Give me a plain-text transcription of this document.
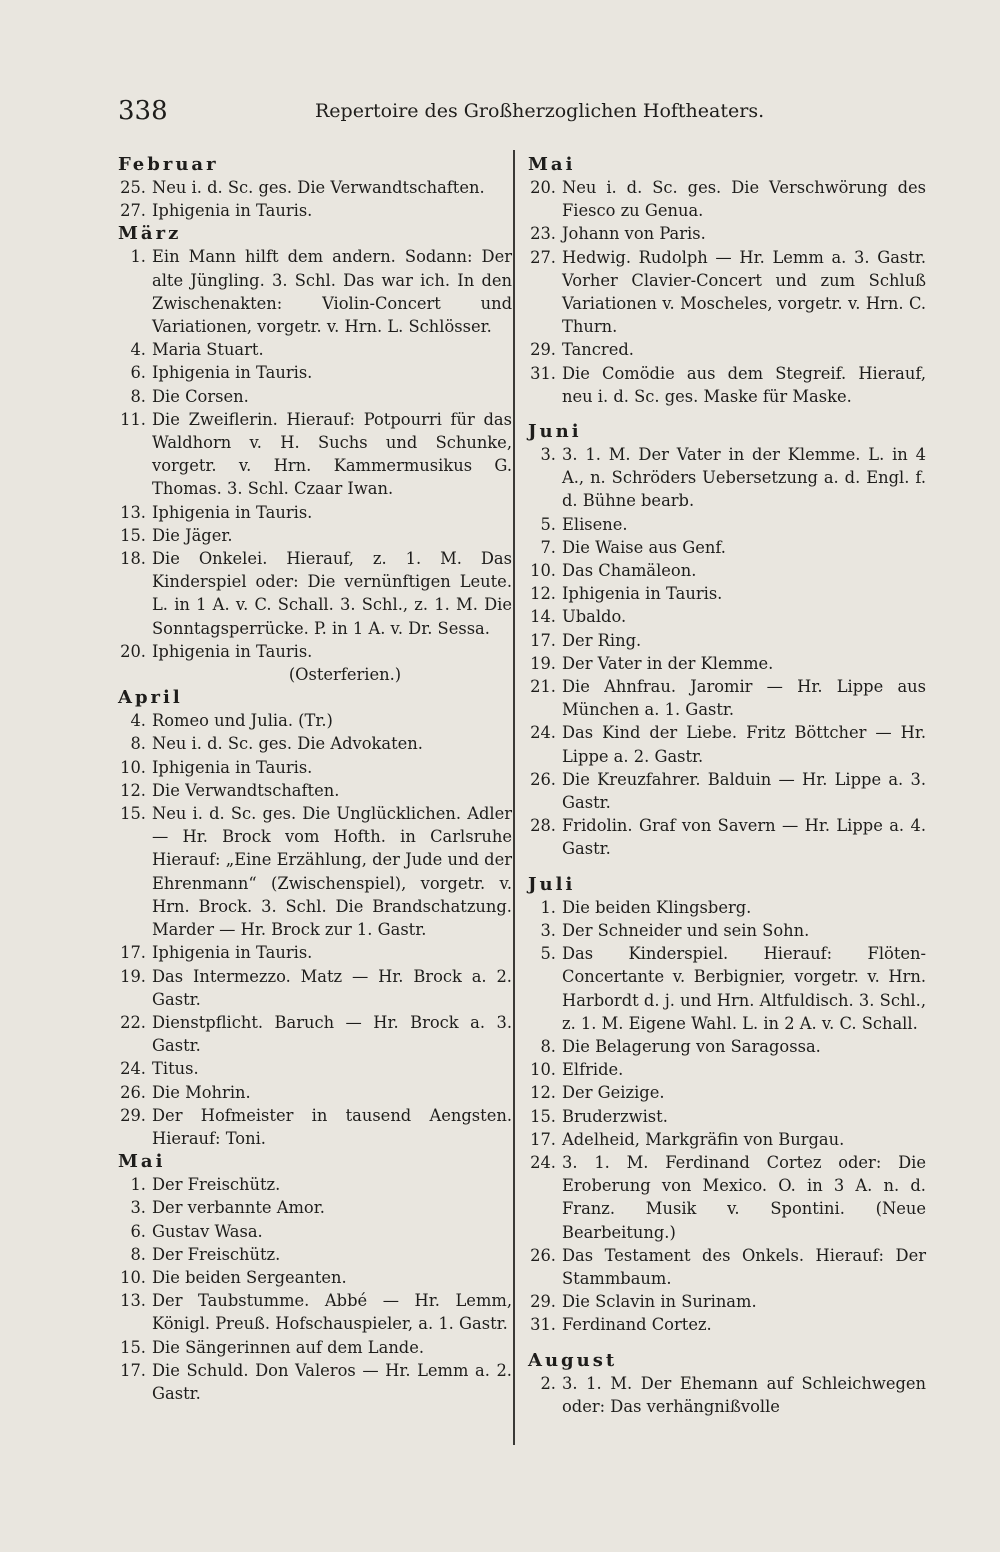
338	Repertoire des Großherzoglichen Hoftheaters.
Februar
25. Neu i. d. Sc. ges. Die Verwandtschaften.
27. Iphigenia in Tauris.
März
1. Ein Mann hilft dem andern. Sodann: Der alte Jüngling. 3. Schl. Das war ich. In den Zwischenakten: Violin-Concert und Variationen, vorgetr. v. Hrn. L. Schlösser.
4. Maria Stuart.
6. Iphigenia in Tauris.
8. Die Corsen.
11. Die Zweiflerin. Hierauf: Potpourri für das Waldhorn v. H. Suchs und Schunke, vorgetr. v. Hrn. Kammermusikus G. Thomas. 3. Schl. Czaar Iwan.
13. Iphigenia in Tauris.
15. Die Jäger.
18. Die Onkelei. Hierauf, z. 1. M. Das Kinderspiel oder: Die vernünftigen Leute. L. in 1 A. v. C. Schall. 3. Schl., z. 1. M. Die Sonntagsperrücke. P. in 1 A. v. Dr. Sessa.
20. Iphigenia in Tauris.
(Osterferien.)
April
4. Romeo und Julia. (Tr.)
8. Neu i. d. Sc. ges. Die Advokaten.
10. Iphigenia in Tauris.
12. Die Verwandtschaften.
15. Neu i. d. Sc. ges. Die Unglücklichen. Adler — Hr. Brock vom Hofth. in Carlsruhe Hierauf: „Eine Erzählung, der Jude und der Ehrenmann“ (Zwischenspiel), vorgetr. v. Hrn. Brock. 3. Schl. Die Brandschatzung. Marder — Hr. Brock zur 1. Gastr.
17. Iphigenia in Tauris.
19. Das Intermezzo. Matz — Hr. Brock a. 2. Gastr.
22. Dienstpflicht. Baruch — Hr. Brock a. 3. Gastr.
24. Titus.
26. Die Mohrin.
29. Der Hofmeister in tausend Aengsten. Hierauf: Toni.
Mai
1. Der Freischütz.
3. Der verbannte Amor.
6. Gustav Wasa.
8. Der Freischütz.
10. Die beiden Sergeanten.
13. Der Taubstumme. Abbé — Hr. Lemm, Königl. Preuß. Hofschauspieler, a. 1. Gastr.
15. Die Sängerinnen auf dem Lande.
17. Die Schuld. Don Valeros — Hr. Lemm a. 2. Gastr.
Mai
20. Neu i. d. Sc. ges. Die Verschwörung des Fiesco zu Genua.
23. Johann von Paris.
27. Hedwig. Rudolph — Hr. Lemm a. 3. Gastr. Vorher Clavier-Concert und zum Schluß Variationen v. Moscheles, vorgetr. v. Hrn. C. Thurn.
29. Tancred.
31. Die Comödie aus dem Stegreif. Hierauf, neu i. d. Sc. ges. Maske für Maske.
Juni
3. 3. 1. M. Der Vater in der Klemme. L. in 4 A., n. Schröders Uebersetzung a. d. Engl. f. d. Bühne bearb.
5. Elisene.
7. Die Waise aus Genf.
10. Das Chamäleon.
12. Iphigenia in Tauris.
14. Ubaldo.
17. Der Ring.
19. Der Vater in der Klemme.
21. Die Ahnfrau. Jaromir — Hr. Lippe aus München a. 1. Gastr.
24. Das Kind der Liebe. Fritz Böttcher — Hr. Lippe a. 2. Gastr.
26. Die Kreuzfahrer. Balduin — Hr. Lippe a. 3. Gastr.
28. Fridolin. Graf von Savern — Hr. Lippe a. 4. Gastr.
Juli
1. Die beiden Klingsberg.
3. Der Schneider und sein Sohn.
5. Das Kinderspiel. Hierauf: Flöten-Concertante v. Berbignier, vorgetr. v. Hrn. Harbordt d. j. und Hrn. Altfuldisch. 3. Schl., z. 1. M. Eigene Wahl. L. in 2 A. v. C. Schall.
8. Die Belagerung von Saragossa.
10. Elfride.
12. Der Geizige.
15. Bruderzwist.
17. Adelheid, Markgräfin von Burgau.
24. 3. 1. M. Ferdinand Cortez oder: Die Eroberung von Mexico. O. in 3 A. n. d. Franz. Musik v. Spontini. (Neue Bearbeitung.)
26. Das Testament des Onkels. Hierauf: Der Stammbaum.
29. Die Sclavin in Surinam.
31. Ferdinand Cortez.
August
2. 3. 1. M. Der Ehemann auf Schleichwegen oder: Das verhängnißvolle
